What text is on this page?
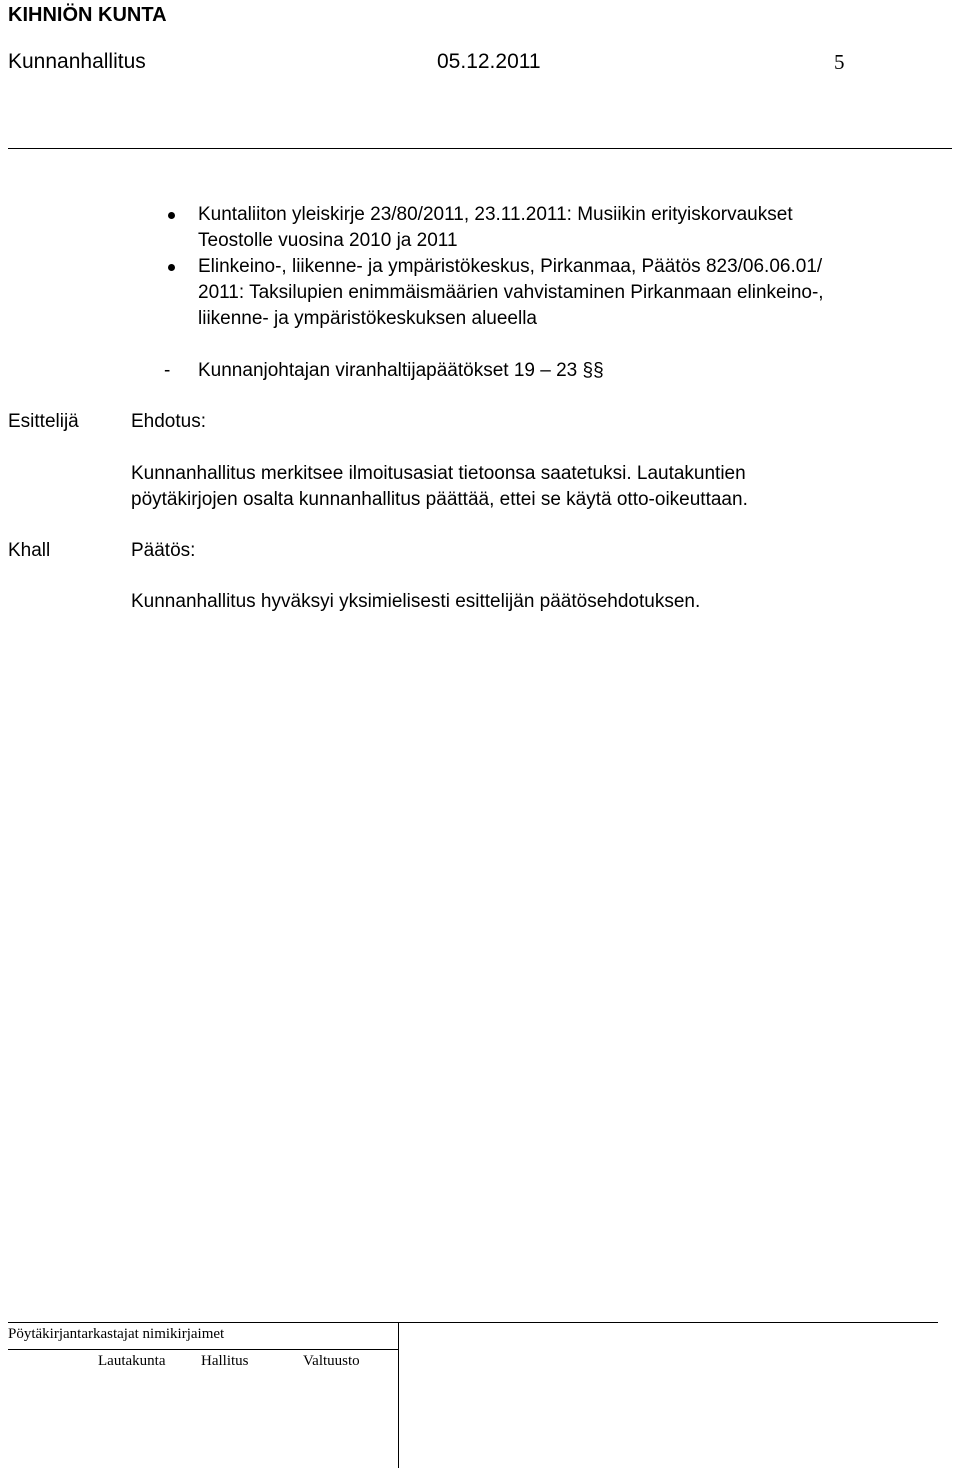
KIHNIÖN KUNTA
Kunnanhallitus	05.12.2011	5
Kuntaliiton yleiskirje 23/80/2011, 23.11.2011: Musiikin erityiskorvaukset
Teostolle vuosina 2010 ja 2011
Elinkeino-, liikenne- ja ympäristökeskus, Pirkanmaa, Päätös 823/06.06.01/
2011: Taksilupien enimmäismäärien vahvistaminen Pirkanmaan elinkeino-,
liikenne- ja ympäristökeskuksen alueella
- Kunnanjohtajan viranhaltijapäätökset 19 – 23 §§
Esittelijä	Ehdotus:
Kunnanhallitus merkitsee ilmoitusasiat tietoonsa saatetuksi. Lautakuntien
pöytäkirjojen osalta kunnanhallitus päättää, ettei se käytä otto-oikeuttaan.
Khall	Päätös:
Kunnanhallitus hyväksyi yksimielisesti esittelijän päätösehdotuksen.
Pöytäkirjantarkastajat nimikirjaimet
Lautakunta Hallitus	Valtuusto
